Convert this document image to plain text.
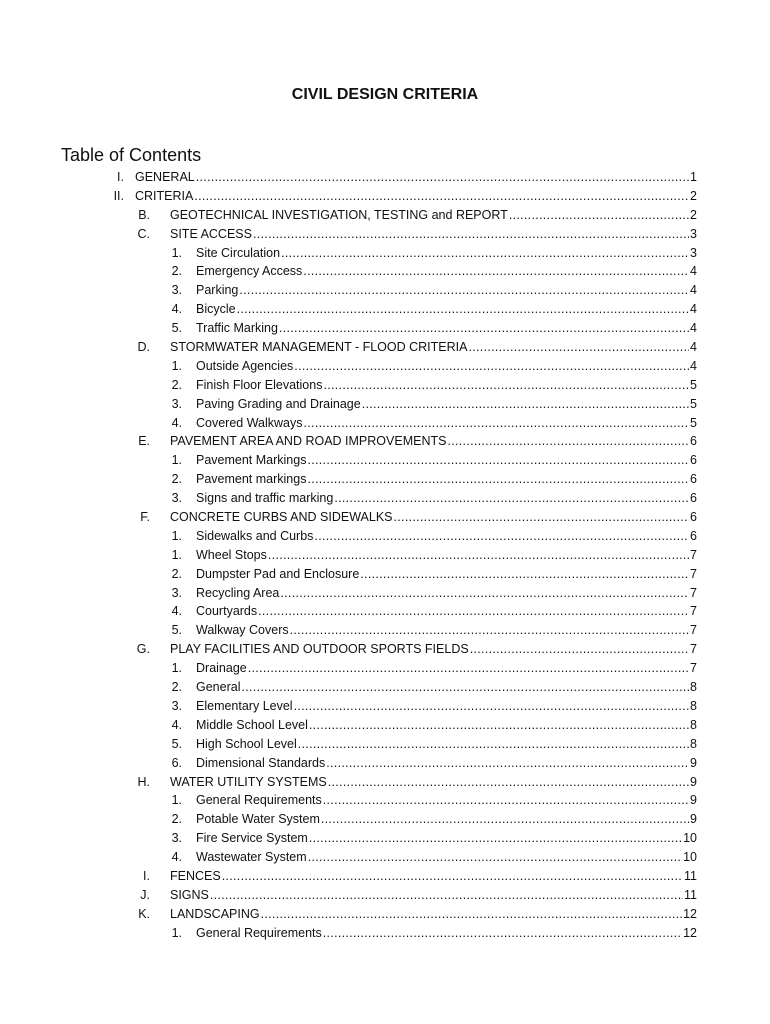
CIVIL DESIGN CRITERIA
Table of Contents
I. GENERAL .....	1
II. CRITERIA .....	2
B. GEOTECHNICAL INVESTIGATION, TESTING and REPORT .....	2
C. SITE ACCESS .....	3
1. Site Circulation .....	3
2. Emergency Access .....	4
3. Parking .....	4
4. Bicycle .....	4
5. Traffic Marking .....	4
D. STORMWATER MANAGEMENT - FLOOD CRITERIA .....	4
1. Outside Agencies .....	4
2. Finish Floor Elevations .....	5
3. Paving Grading and Drainage .....	5
4. Covered Walkways .....	5
E. PAVEMENT AREA AND ROAD IMPROVEMENTS .....	6
1. Pavement Markings .....	6
2. Pavement markings .....	6
3. Signs and traffic marking .....	6
F. CONCRETE CURBS AND SIDEWALKS .....	6
1. Sidewalks and Curbs .....	6
1. Wheel Stops .....	7
2. Dumpster Pad and Enclosure .....	7
3. Recycling Area .....	7
4. Courtyards .....	7
5. Walkway Covers .....	7
G. PLAY FACILITIES AND OUTDOOR SPORTS FIELDS .....	7
1. Drainage .....	7
2. General .....	8
3. Elementary Level .....	8
4. Middle School Level .....	8
5. High School Level .....	8
6. Dimensional Standards .....	9
H. WATER UTILITY SYSTEMS .....	9
1. General Requirements .....	9
2. Potable Water System .....	9
3. Fire Service System .....	10
4. Wastewater System .....	10
I. FENCES .....	11
J. SIGNS .....	11
K. LANDSCAPING .....	12
1. General Requirements .....	12
